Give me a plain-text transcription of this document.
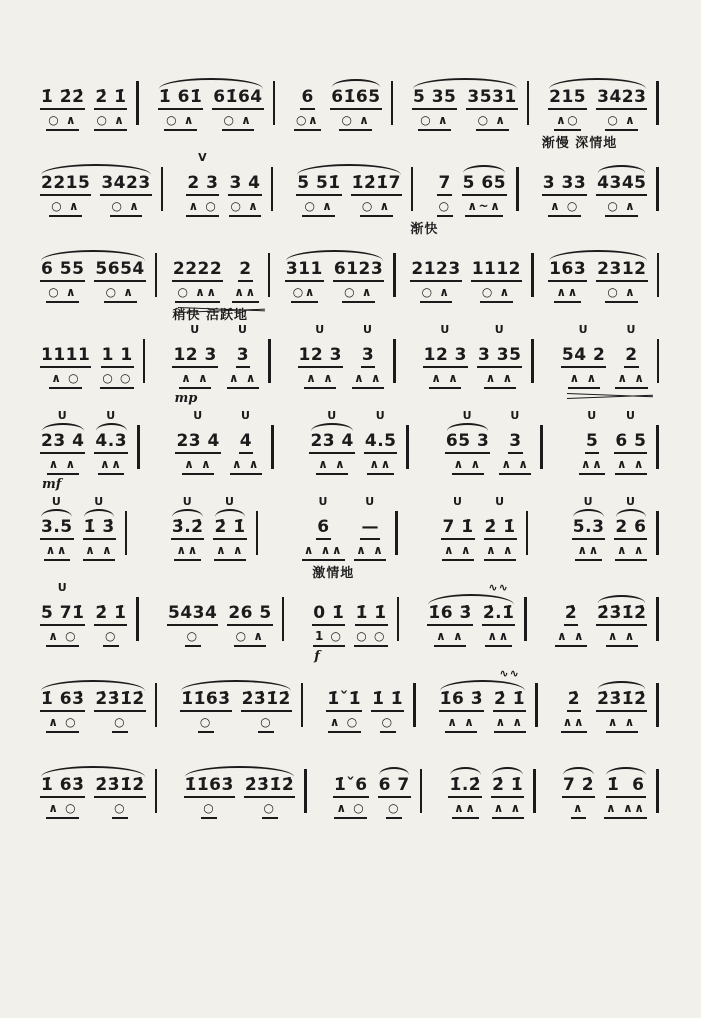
1̇ 2̇2̇
○ ∧
2̇ 1̇
○ ∧
1̇ 61̇
○ ∧
61̇64
○ ∧
6
○∧
61̇65
○ ∧
5 35
○ ∧
3531
○ ∧
215
∧○
3423
○ ∧
2215
○ ∧
3423
○ ∧
V
2 3
∧ ○
3 4
○ ∧
5 51̇
○ ∧
1̇2̇1̇7
○ ∧
7
○
5 65
∧~∧
渐慢 深情地
3 33
∧ ○
4345
○ ∧
6 55
○ ∧
5654
○ ∧
2222
○ ∧∧
2
∧∧
311
○∧
6123
○ ∧
渐快
2123
○ ∧
1112
○ ∧
163
∧∧
2312
○ ∧
1111
∧ ○
1 1
○ ○
稍快 活跃地
U
12 3
∧ ∧
U
3
∧ ∧
mp
U
12 3
∧ ∧
U
3
∧ ∧
U
12 3
∧ ∧
U
3 35
∧ ∧
U
54 2
∧ ∧
U
2
∧ ∧
U
23 4
∧ ∧
U
4.3
∧∧
mf
U
23 4
∧ ∧
U
4
∧ ∧
U
23 4
∧ ∧
U
4.5
∧∧
U
65 3
∧ ∧
U
3
∧ ∧
U
5
∧∧
U
6 5
∧ ∧
U
3.5
∧∧
U
1̇ 3̇
∧ ∧
U
3̇.2̇
∧∧
U
2̇ 1̇
∧ ∧
U
6
∧ ∧∧
U
—
∧ ∧
U
7 1̇
∧ ∧
U
2̇ 1̇
∧ ∧
U
5.3
∧∧
U
2 6
∧ ∧
U
5 71̇
∧ ○
2̇ 1̇
○
5434
○
26 5
○ ∧
激情地
0 1̇
1 ○
1̇ 1̇
○ ○
f
1̇6 3̇
∧ ∧
∿∿
2̇.1̇
∧∧
2̇
∧ ∧
2̇3̇1̇2̇
∧ ∧
1̇ 63̇
∧ ○
2̇3̇1̇2̇
○
1̇1̇63̇
○
2̇3̇1̇2̇
○
1̇ˇ1̇
∧ ○
1̇ 1̇
○
1̇6 3̇
∧ ∧
∿∿
2̇ 1̇
∧ ∧
2̇
∧∧
2̇3̇1̇2̇
∧ ∧
1̇ 63̇
∧ ○
2̇3̇1̇2̇
○
1̇1̇63̇
○
2̇3̇1̇2̇
○
1̇ˇ6
∧ ○
6 7
○
1̇.2̇
∧∧
2̇ 1̇
∧ ∧
7 2̇
∧
1̇  6
∧ ∧∧
